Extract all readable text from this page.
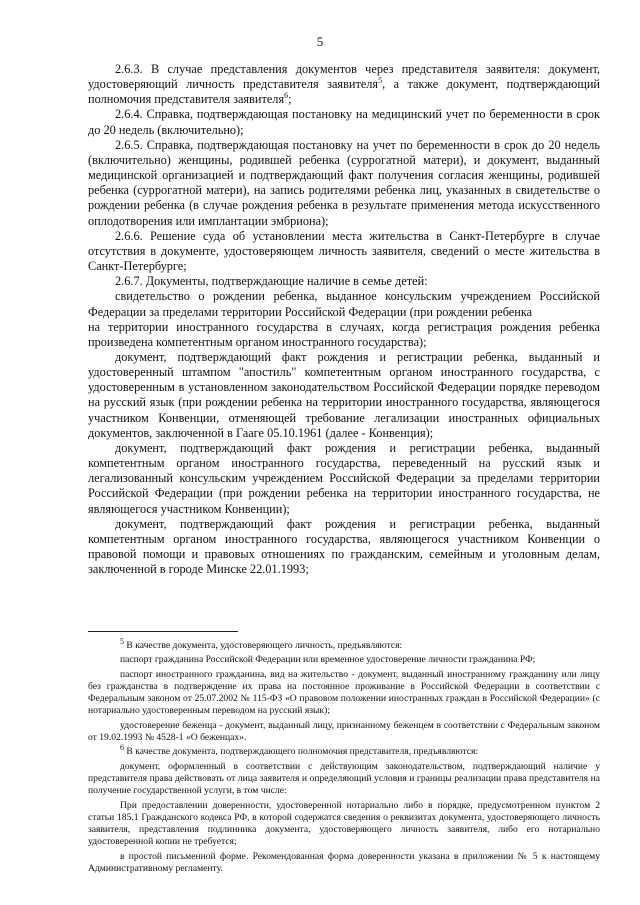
5

2.6.3. В случае представления документов через представителя заявителя: документ, удостоверяющий личность представителя заявителя$^5$, а также документ, подтверждающий полномочия представителя заявителя$^6$;

2.6.4. Справка, подтверждающая постановку на медицинский учет по беременности в срок до 20 недель (включительно);

2.6.5. Справка, подтверждающая постановку на учет по беременности в срок до 20 недель (включительно) женщины, родившей ребенка (суррогатной матери), и документ, выданный медицинской организацией и подтверждающий факт получения согласия женщины, родившей ребенка (суррогатной матери), на запись родителями ребенка лиц, указанных в свидетельстве о рождении ребенка (в случае рождения ребенка в результате применения метода искусственного оплодотворения или имплантации эмбриона);

2.6.6. Решение суда об установлении места жительства в Санкт-Петербурге в случае отсутствия в документе, удостоверяющем личность заявителя, сведений о месте жительства в Санкт-Петербурге;

2.6.7. Документы, подтверждающие наличие в семье детей:

свидетельство о рождении ребенка, выданное консульским учреждением Российской Федерации за пределами территории Российской Федерации (при рождении ребенка

на территории иностранного государства в случаях, когда регистрация рождения ребенка произведена компетентным органом иностранного государства);

документ, подтверждающий факт рождения и регистрации ребенка, выданный и удостоверенный штампом "апостиль" компетентным органом иностранного государства, с удостоверенным в установленном законодательством Российской Федерации порядке переводом на русский язык (при рождении ребенка на территории иностранного государства, являющегося участником Конвенции, отменяющей требование легализации иностранных официальных документов, заключенной в Гааге 05.10.1961 (далее - Конвенция);

документ, подтверждающий факт рождения и регистрации ребенка, выданный компетентным органом иностранного государства, переведенный на русский язык и легализованный консульским учреждением Российской Федерации за пределами территории Российской Федерации (при рождении ребенка на территории иностранного государства, не являющегося участником Конвенции);

документ, подтверждающий факт рождения и регистрации ребенка, выданный компетентным органом иностранного государства, являющегося участником Конвенции о правовой помощи и правовых отношениях по гражданским, семейным и уголовным делам, заключенной в городе Минске 22.01.1993;

$^5$ В качестве документа, удостоверяющего личность, предъявляются:

паспорт гражданина Российской Федерации или временное удостоверение личности гражданина РФ;

паспорт иностранного гражданина, вид на жительство - документ, выданный иностранному гражданину или лицу без гражданства в подтверждение их права на постоянное проживание в Российской Федерации в соответствии с Федеральным законом от 25.07.2002 № 115-ФЗ «О правовом положении иностранных граждан в Российской Федерации» (с нотариально удостоверенным переводом на русский язык);

удостоверение беженца - документ, выданный лицу, признанному беженцем в соответствии с Федеральным законом от 19.02.1993 № 4528-1 «О беженцах».

$^6$ В качестве документа, подтверждающего полномочия представителя, предъявляются:

документ, оформленный в соответствии с действующим законодательством, подтверждающий наличие у представителя права действовать от лица заявителя и определяющий условия и границы реализации права представителя на получение государственной услуги, в том числе:

При предоставлении доверенности, удостоверенной нотариально либо в порядке, предусмотренном пунктом 2 статьи 185.1 Гражданского кодекса РФ, в которой содержатся сведения о реквизитах документа, удостоверяющего личность заявителя, представления подлинника документа, удостоверяющего личность заявителя, либо его нотариально удостоверенной копии не требуется;

в простой письменной форме. Рекомендованная форма доверенности указана в приложении № 5 к настоящему Административному регламенту.
